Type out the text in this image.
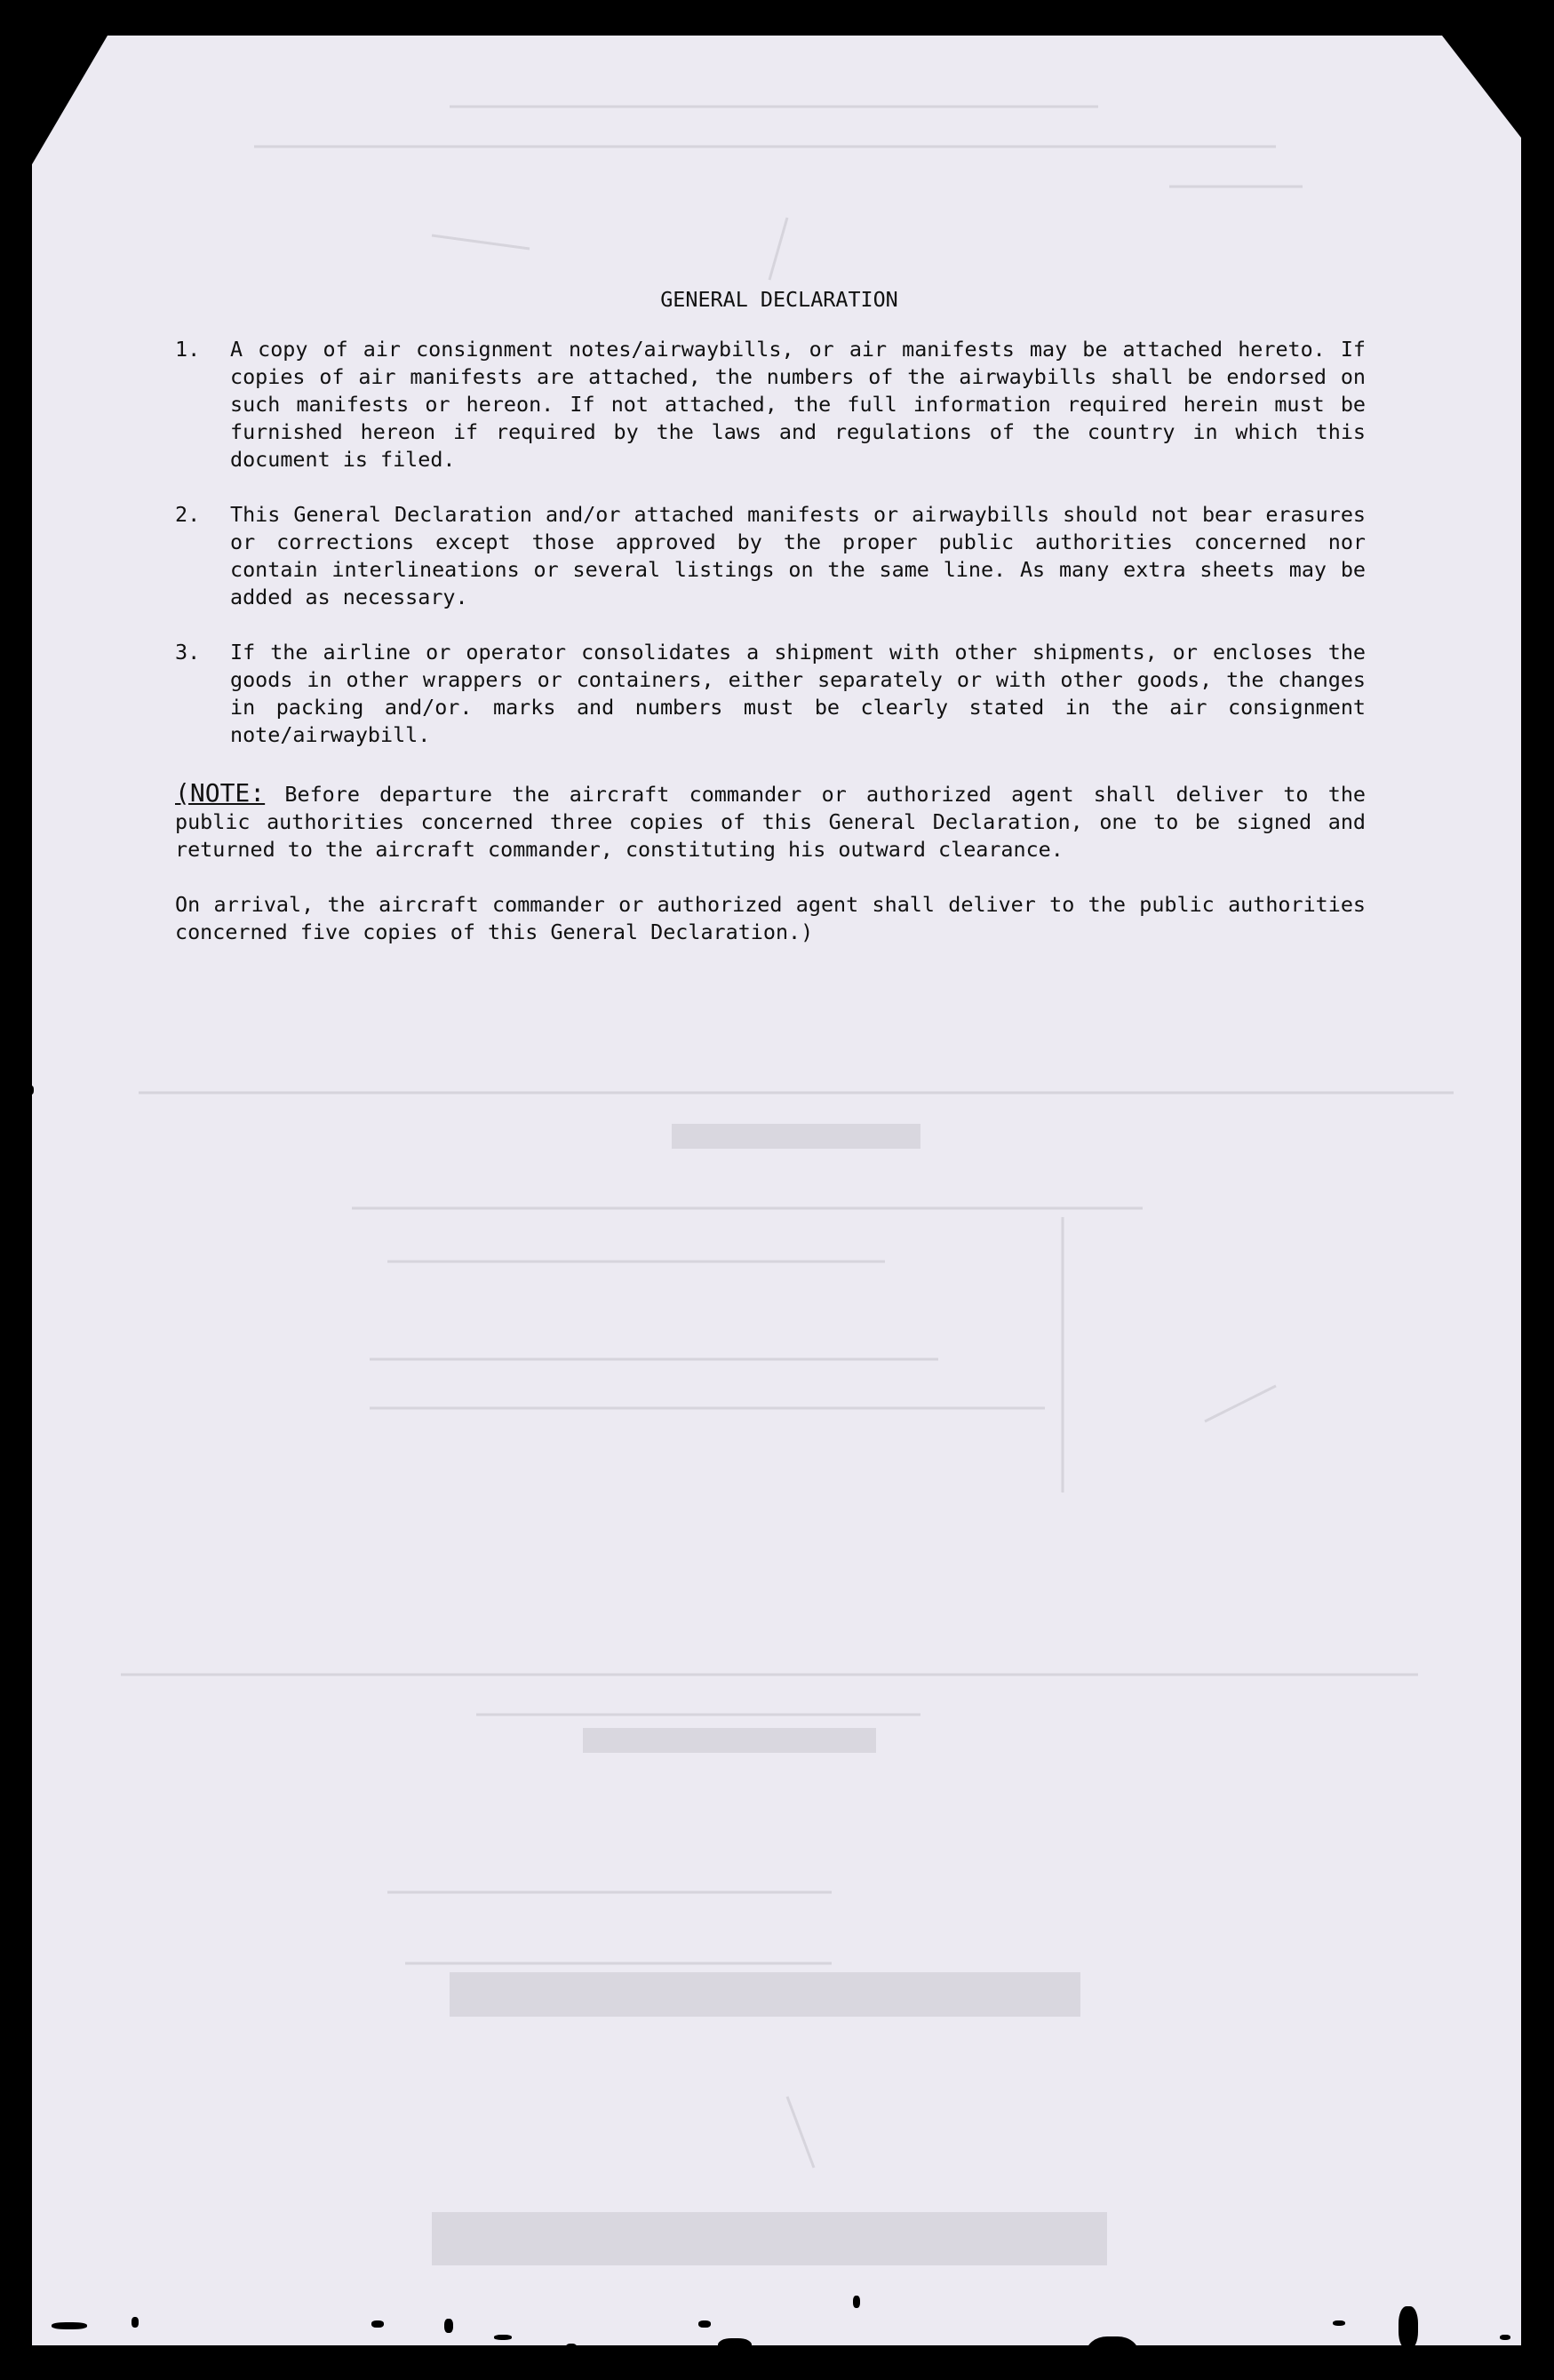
GENERAL DECLARATION
1.	A copy of air consignment notes/airwaybills, or air manifests may be attached hereto. If copies of air manifests are attached, the numbers of the airwaybills shall be endorsed on such manifests or hereon. If not attached, the full information required herein must be furnished hereon if required by the laws and regulations of the country in which this document is filed.
2.	This General Declaration and/or attached manifests or airwaybills should not bear erasures or corrections except those approved by the proper public authorities concerned nor contain interlineations or several listings on the same line. As many extra sheets may be added as necessary.
3.	If the airline or operator consolidates a shipment with other shipments, or encloses the goods in other wrappers or containers, either separately or with other goods, the changes in packing and/or. marks and numbers must be clearly stated in the air consignment note/airwaybill.

(NOTE: Before departure the aircraft commander or authorized agent shall deliver to the public authorities concerned three copies of this General Declaration, one to be signed and returned to the aircraft commander, constituting his outward clearance.

On arrival, the aircraft commander or authorized agent shall deliver to the public authorities concerned five copies of this General Declaration.)
